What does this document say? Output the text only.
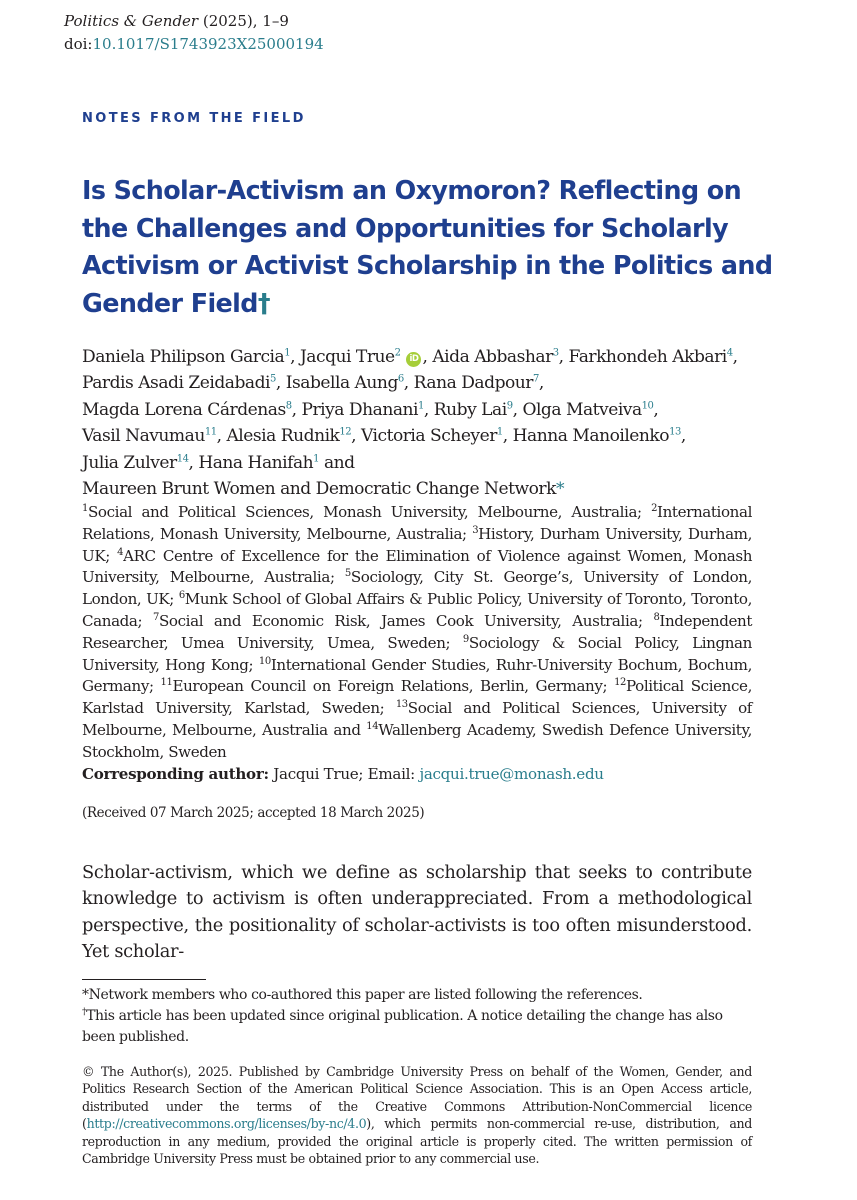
Politics & Gender (2025), 1–9
doi:10.1017/S1743923X25000194
NOTES FROM THE FIELD
Is Scholar-Activism an Oxymoron? Reflecting on the Challenges and Opportunities for Scholarly Activism or Activist Scholarship in the Politics and Gender Field†
Daniela Philipson Garcia$^1$, Jacqui True$^2$ iD , Aida Abbashar$^3$, Farkhondeh Akbari$^4$,
Pardis Asadi Zeidabadi$^5$, Isabella Aung$^6$, Rana Dadpour$^7$,
Magda Lorena Cárdenas$^8$, Priya Dhanani$^1$, Ruby Lai$^9$, Olga Matveiva$^{10}$,
Vasil Navumau$^{11}$, Alesia Rudnik$^{12}$, Victoria Scheyer$^1$, Hanna Manoilenko$^{13}$,
Julia Zulver$^{14}$, Hana Hanifah$^1$ and
Maureen Brunt Women and Democratic Change Network*

$^1$Social and Political Sciences, Monash University, Melbourne, Australia; $^2$International Relations, Monash University, Melbourne, Australia; $^3$History, Durham University, Durham, UK; $^4$ARC Centre of Excellence for the Elimination of Violence against Women, Monash University, Melbourne, Australia; $^5$Sociology, City St. George’s, University of London, London, UK; $^6$Munk School of Global Affairs & Public Policy, University of Toronto, Toronto, Canada; $^7$Social and Economic Risk, James Cook University, Australia; $^8$Independent Researcher, Umea University, Umea, Sweden; $^9$Sociology & Social Policy, Lingnan University, Hong Kong; $^{10}$International Gender Studies, Ruhr-University Bochum, Bochum, Germany; $^{11}$European Council on Foreign Relations, Berlin, Germany; $^{12}$Political Science, Karlstad University, Karlstad, Sweden; $^{13}$Social and Political Sciences, University of Melbourne, Melbourne, Australia and $^{14}$Wallenberg Academy, Swedish Defence University, Stockholm, Sweden

Corresponding author: Jacqui True; Email: jacqui.true@monash.edu
(Received 07 March 2025; accepted 18 March 2025)

Scholar-activism, which we define as scholarship that seeks to contribute knowledge to activism is often underappreciated. From a methodological perspective, the positionality of scholar-activists is too often misunderstood. Yet scholar-

*Network members who co-authored this paper are listed following the references.

†This article has been updated since original publication. A notice detailing the change has also been published.

© The Author(s), 2025. Published by Cambridge University Press on behalf of the Women, Gender, and Politics Research Section of the American Political Science Association. This is an Open Access article, distributed under the terms of the Creative Commons Attribution-NonCommercial licence (http://creativecommons.org/licenses/by-nc/4.0), which permits non-commercial re-use, distribution, and reproduction in any medium, provided the original article is properly cited. The written permission of Cambridge University Press must be obtained prior to any commercial use.
